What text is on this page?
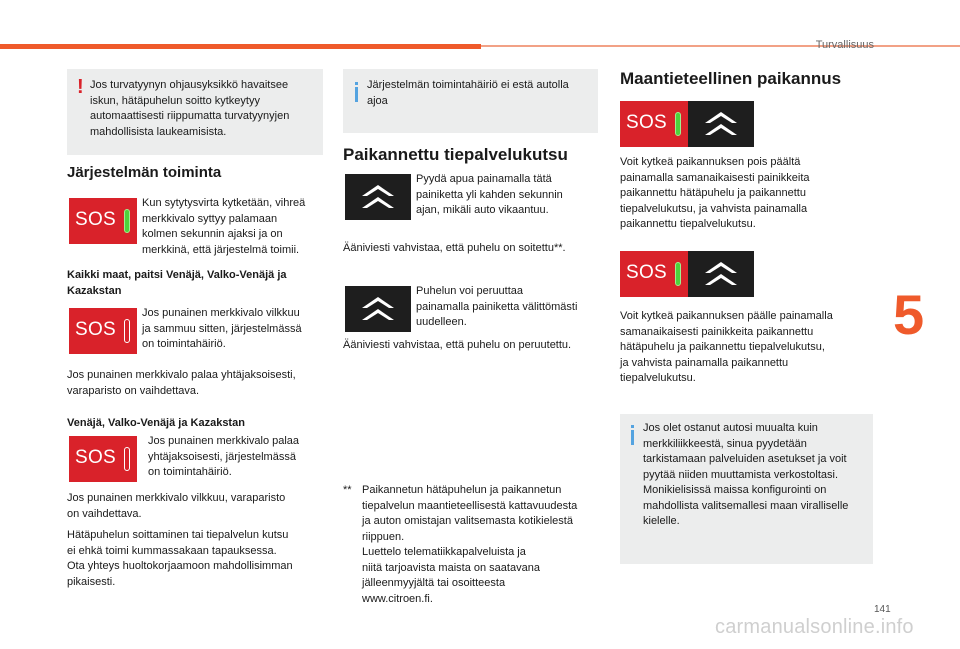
Turvallisuus
! Jos turvatyynyn ohjausyksikkö havaitsee
iskun, hätäpuhelun soitto kytkeytyy
automaattisesti riippumatta turvatyynyjen
mahdollisista laukeamisista.
Järjestelmän toiminta
SOS
Kun sytytysvirta kytketään, vihreä
merkkivalo syttyy palamaan
kolmen sekunnin ajaksi ja on
merkkinä, että järjestelmä toimii.
Kaikki maat, paitsi Venäjä, Valko-Venäjä ja
Kazakstan
SOS
Jos punainen merkkivalo vilkkuu
ja sammuu sitten, järjestelmässä
on toimintahäiriö.
Jos punainen merkkivalo palaa yhtäjaksoisesti,
varaparisto on vaihdettava.
Venäjä, Valko-Venäjä ja Kazakstan
SOS
Jos punainen merkkivalo palaa
yhtäjaksoisesti, järjestelmässä
on toimintahäiriö.
Jos punainen merkkivalo vilkkuu, varaparisto
on vaihdettava.
Hätäpuhelun soittaminen tai tiepalvelun kutsu
ei ehkä toimi kummassakaan tapauksessa.
Ota yhteys huoltokorjaamoon mahdollisimman
pikaisesti.
Järjestelmän toimintahäiriö ei estä autolla
ajoa
Paikannettu tiepalvelukutsu
Pyydä apua painamalla tätä
painiketta yli kahden sekunnin
ajan, mikäli auto vikaantuu.
Ääniviesti vahvistaa, että puhelu on soitettu**.
Puhelun voi peruuttaa
painamalla painiketta välittömästi
uudelleen.
Ääniviesti vahvistaa, että puhelu on peruutettu.
** Paikannetun hätäpuhelun ja paikannetun
tiepalvelun maantieteellisestä kattavuudesta
ja auton omistajan valitsemasta kotikielestä
riippuen.
Luettelo telematiikkapalveluista ja
niitä tarjoavista maista on saatavana
jälleenmyyjältä tai osoitteesta
www.citroen.fi.
Maantieteellinen paikannus
SOS
Voit kytkeä paikannuksen pois päältä
painamalla samanaikaisesti painikkeita
paikannettu hätäpuhelu ja paikannettu
tiepalvelukutsu, ja vahvista painamalla
paikannettu tiepalvelukutsu.
SOS
Voit kytkeä paikannuksen päälle painamalla
samanaikaisesti painikkeita paikannettu
hätäpuhelu ja paikannettu tiepalvelukutsu,
ja vahvista painamalla paikannettu
tiepalvelukutsu.
Jos olet ostanut autosi muualta kuin
merkkiliikkeestä, sinua pyydetään
tarkistamaan palveluiden asetukset ja voit
pyytää niiden muuttamista verkostoltasi.
Monikielisissä maissa konfigurointi on
mahdollista valitsemallesi maan viralliselle
kielelle.
5
141
carmanualsonline.info
